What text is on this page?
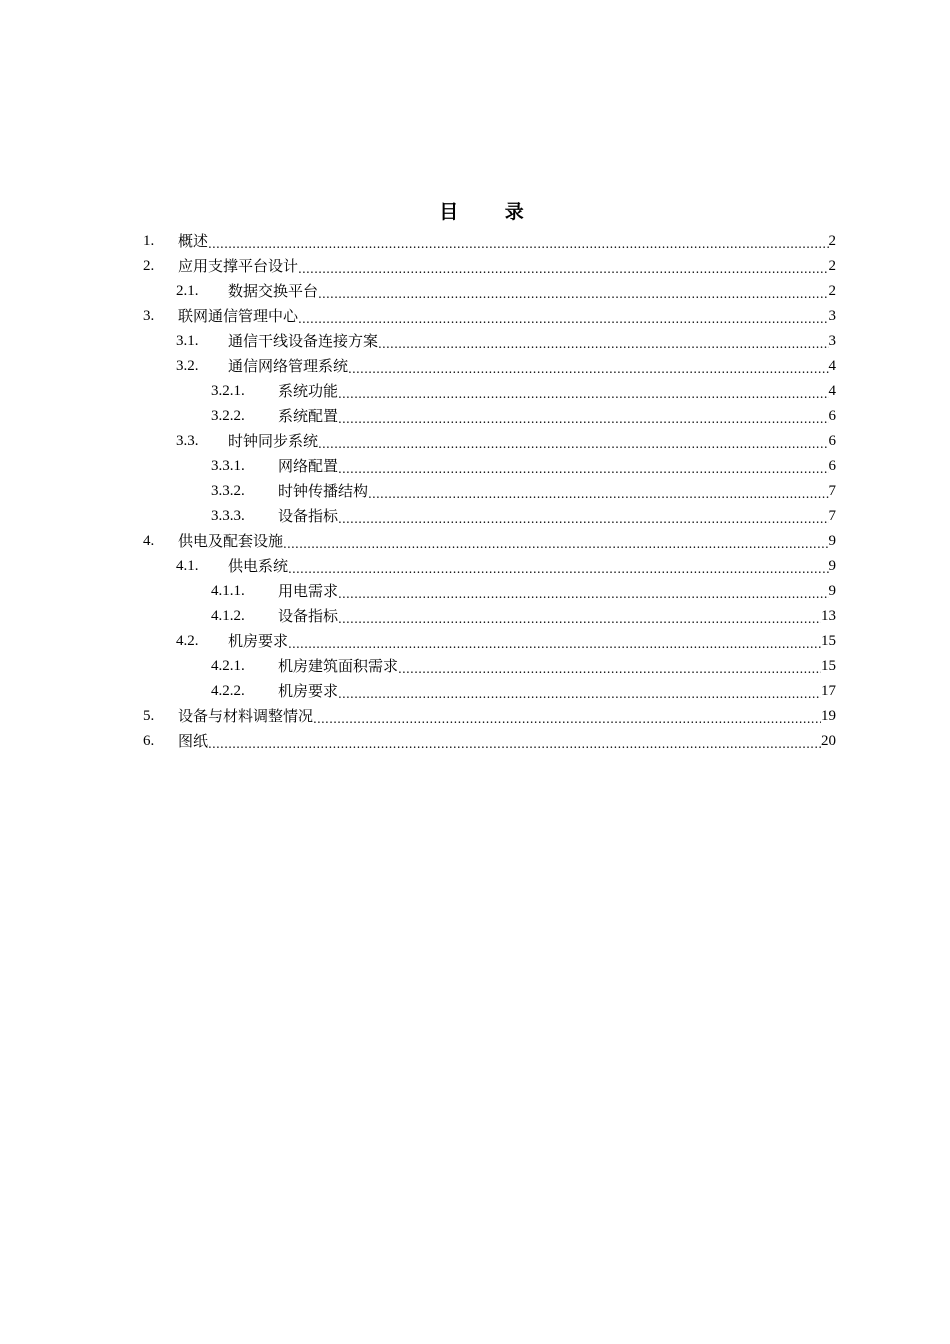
目 录
1.	概述 .....	2
2.	应用支撑平台设计 .....	2
2.1.	数据交换平台 .....	2
3.	联网通信管理中心 .....	3
3.1.	通信干线设备连接方案 .....	3
3.2.	通信网络管理系统 .....	4
3.2.1.	系统功能 .....	4
3.2.2.	系统配置 .....	6
3.3.	时钟同步系统 .....	6
3.3.1.	网络配置 .....	6
3.3.2.	时钟传播结构 .....	7
3.3.3.	设备指标 .....	7
4.	供电及配套设施 .....	9
4.1.	供电系统 .....	9
4.1.1.	用电需求 .....	9
4.1.2.	设备指标 .....	13
4.2.	机房要求 .....	15
4.2.1.	机房建筑面积需求 .....	15
4.2.2.	机房要求 .....	17
5.	设备与材料调整情况 .....	19
6.	图纸 .....	20
